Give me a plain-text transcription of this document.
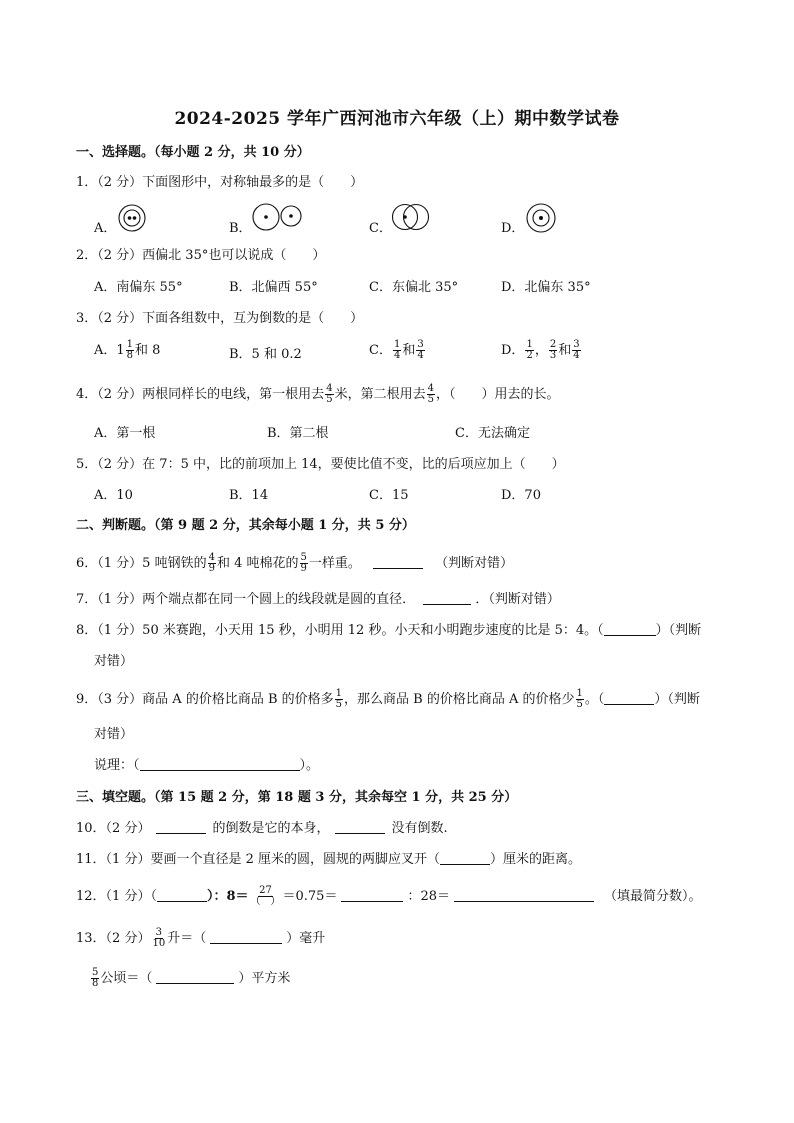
2024-2025 学年广西河池市六年级（上）期中数学试卷
一、选择题。（每小题 2 分，共 10 分）
1．（2 分）下面图形中，对称轴最多的是（　　）
A．	B．	C．	D．
2．（2 分）西偏北 35°也可以说成（　　）
A．南偏东 55°	B．北偏西 55°	C．东偏北 35°	D．北偏东 35°
3．（2 分）下面各组数中，互为倒数的是（　　）
A．$1 \frac{1}{8}$ 和 8	B．5 和 0.2	C． $\frac{1}{4}$ 和 $\frac{3}{4}$	D． $\frac{1}{2}$ ， $\frac{2}{3}$ 和 $\frac{3}{4}$
4．（2 分）两根同样长的电线，第一根用去 $\frac{4}{5}$ 米，第二根用去 $\frac{4}{5}$ ，（　　）用去的长。
A．第一根	B．第二根	C．无法确定
5．（2 分）在 7：5 中，比的前项加上 14，要使比值不变，比的后项应加上（　　）
A．10	B．14	C．15	D．70
二、判断题。（第 9 题 2 分，其余每小题 1 分，共 5 分）
6．（1 分）5 吨钢铁的 $\frac{4}{9}$ 和 4 吨棉花的 $\frac{5}{9}$ 一样重。	（判断对错）
7．（1 分）两个端点都在同一个圆上的线段就是圆的直径．	．（判断对错）
8．（1 分）50 米赛跑，小天用 15 秒，小明用 12 秒。小天和小明跑步速度的比是 5：4。（	）（判断
对错）
9．（3 分）商品 A 的价格比商品 B 的价格多 $\frac{1}{5}$ ，那么商品 B 的价格比商品 A 的价格少 $\frac{1}{5}$ 。（	）（判断
对错）
说理：（	）。
三、填空题。（第 15 题 2 分，第 18 题 3 分，其余每空 1 分，共 25 分）
10．（2 分）	的倒数是它的本身，	没有倒数.
11．（1 分）要画一个直径是 2 厘米的圆，圆规的两脚应叉开（	）厘米的距离。
12．（1 分）（	）：$8= \frac{27}{( )} =0.75=$	：28＝	（填最简分数）。
13．（2 分） $\frac{3}{10}$ 升＝（	）毫升
$\frac{5}{8}$ 公顷＝（	）平方米
